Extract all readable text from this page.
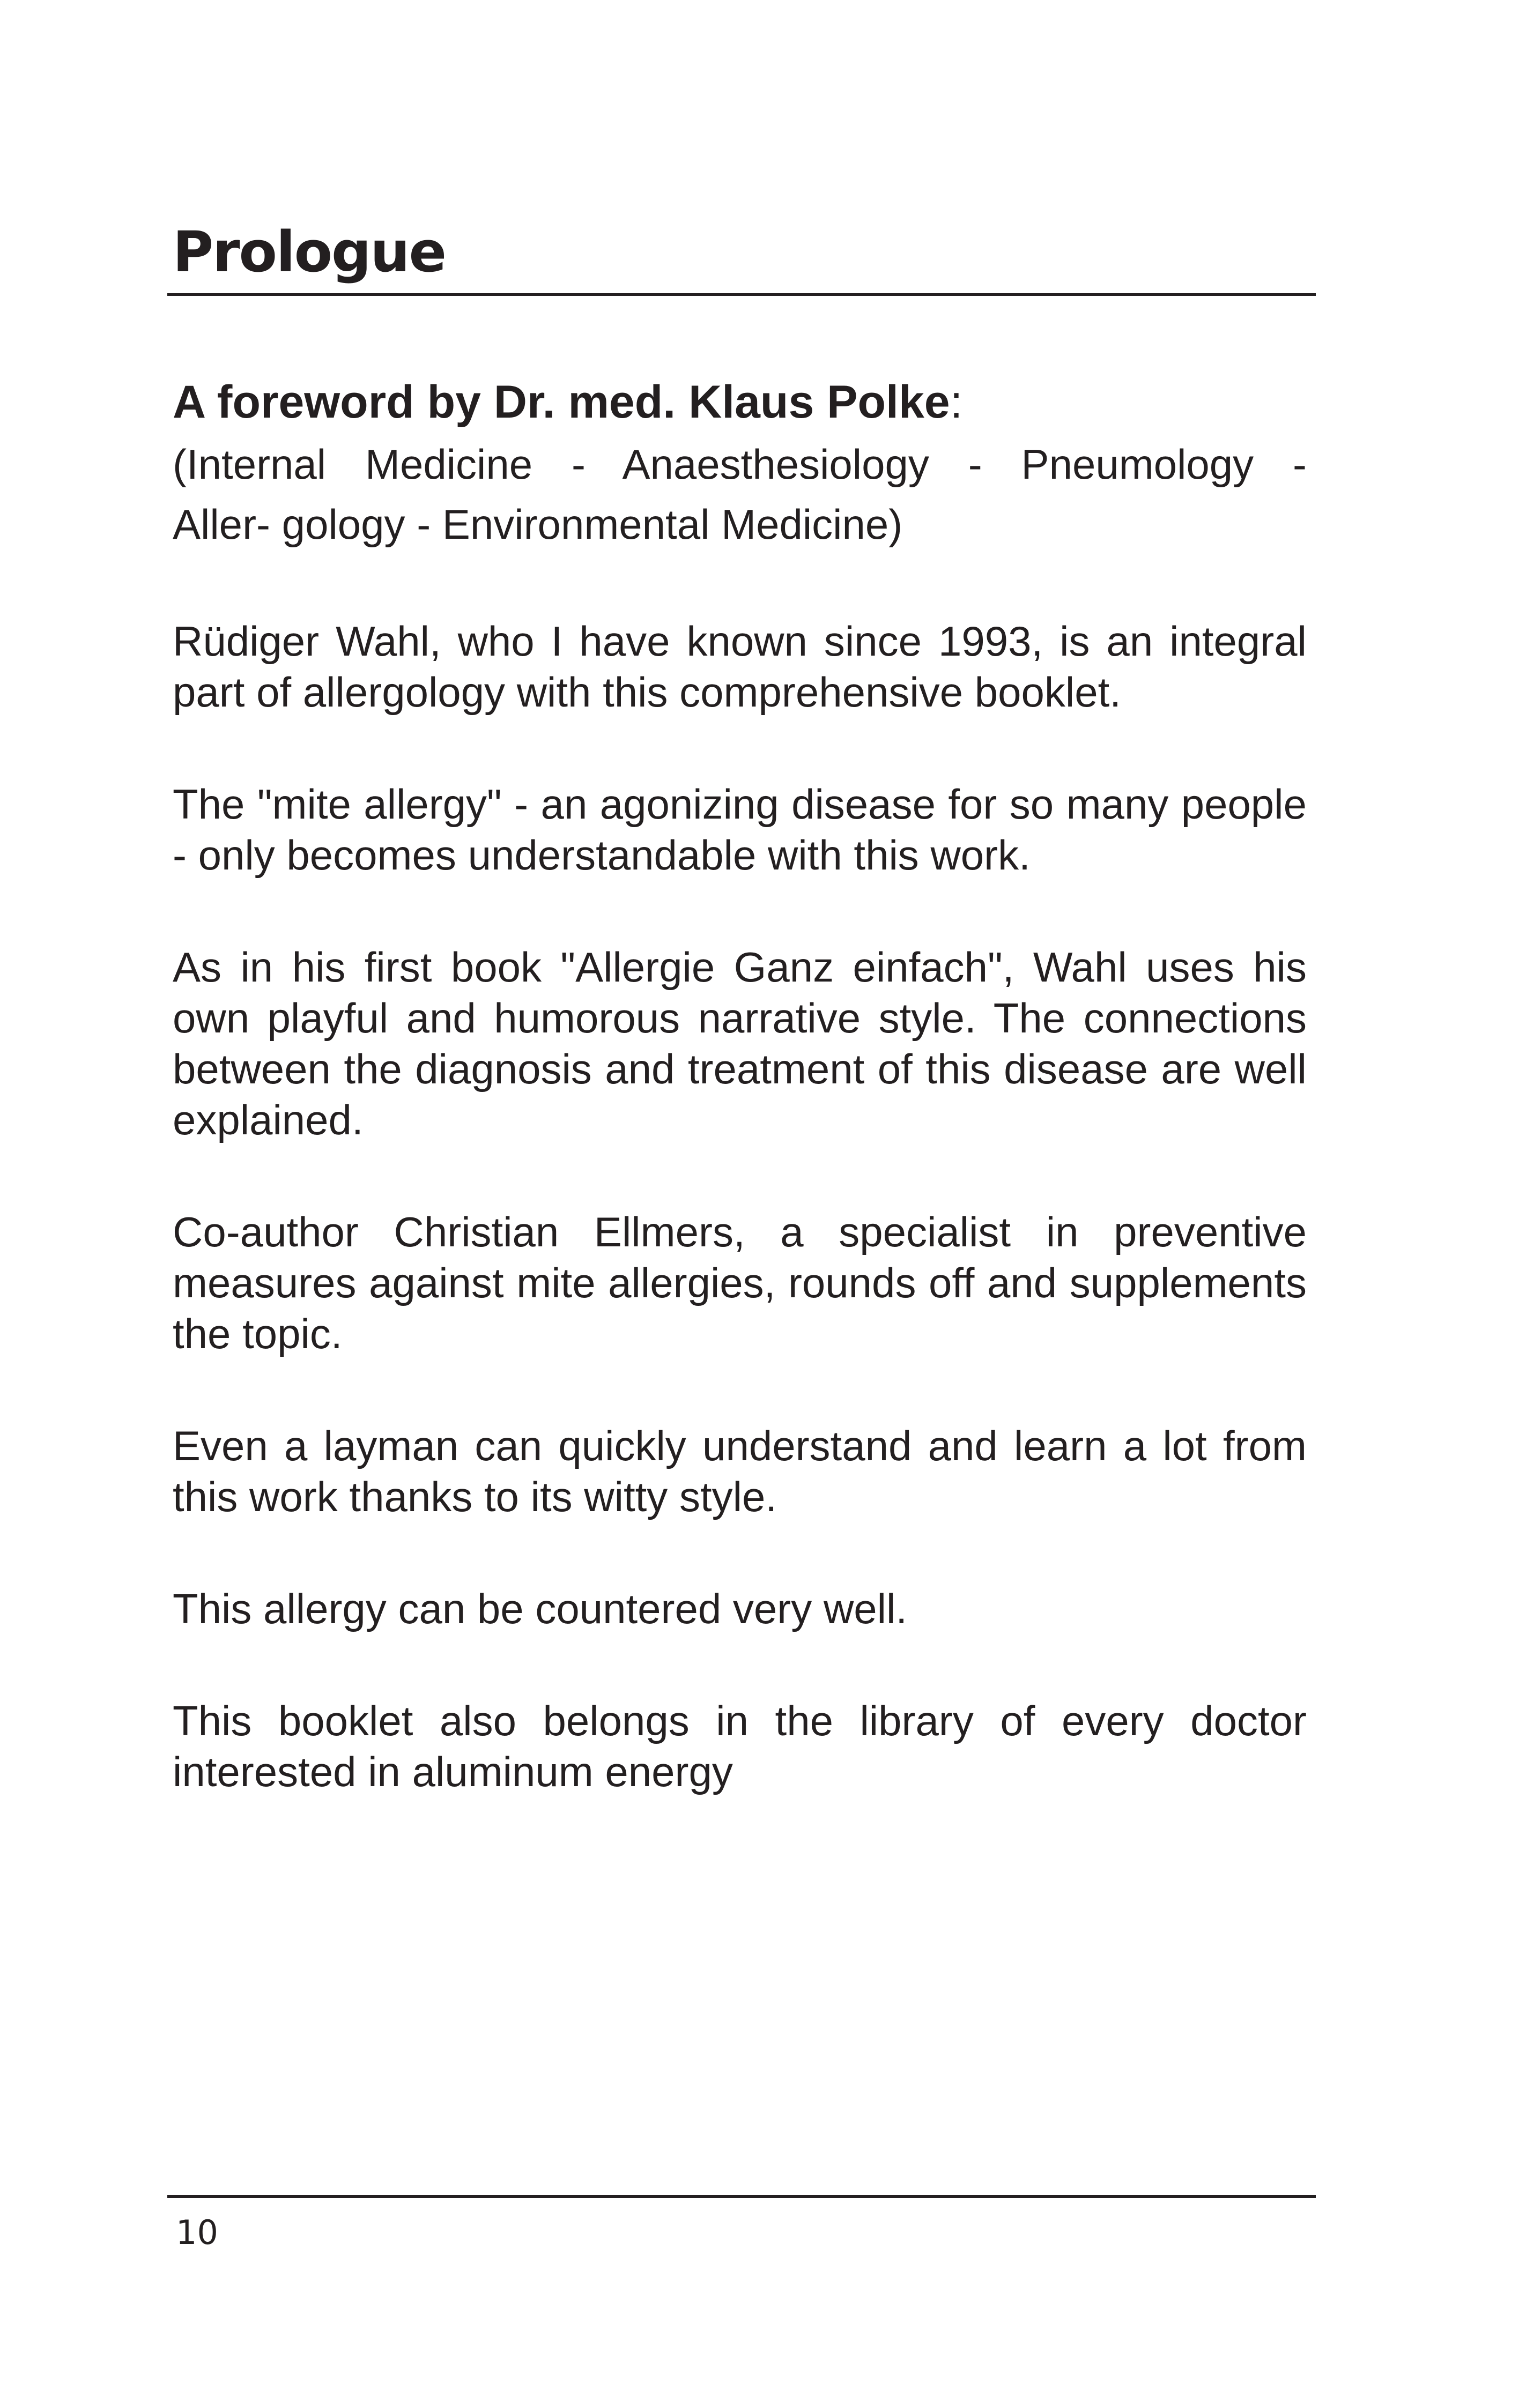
Prologue

A foreword by Dr. med. Klaus Polke:

(Internal Medicine - Anaesthesiology - Pneumology -
Aller- gology - Environmental Medicine)

Rüdiger Wahl, who I have known since 1993, is an integral part of allergology with this comprehensive booklet.

The "mite allergy" - an agonizing disease for so many people - only becomes understandable with this work.

As in his first book "Allergie Ganz einfach", Wahl uses his own playful and humorous narrative style. The connections between the diagnosis and treatment of this disease are well explained.

Co-author Christian Ellmers, a specialist in preventive measures against mite allergies, rounds off and supplements the topic.

Even a layman can quickly understand and learn a lot from this work thanks to its witty style.

This allergy can be countered very well.

This booklet also belongs in the library of every doctor interested in aluminum energy

10
